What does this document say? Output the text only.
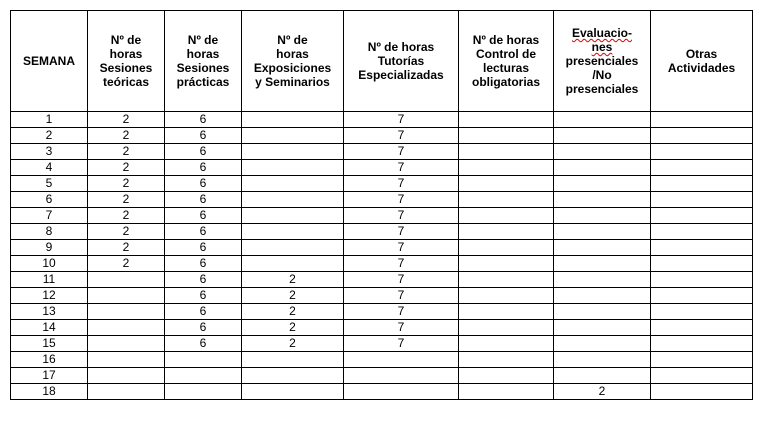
SEMANA	Nº de
horas
Sesiones
teóricas	Nº de
horas
Sesiones
prácticas	Nº de
horas
Exposiciones
y Seminarios	Nº de horas
Tutorías
Especializadas	Nº de horas
Control de
lecturas
obligatorias	Evaluacio-
nes
presenciales
/No
presenciales	Otras
Actividades

1	2	6		7			
2	2	6		7			
3	2	6		7			
4	2	6		7			
5	2	6		7			
6	2	6		7			
7	2	6		7			
8	2	6		7			
9	2	6		7			
10	2	6		7			
11		6	2	7			
12		6	2	7			
13		6	2	7			
14		6	2	7			
15		6	2	7			
16							
17							
18						2	
